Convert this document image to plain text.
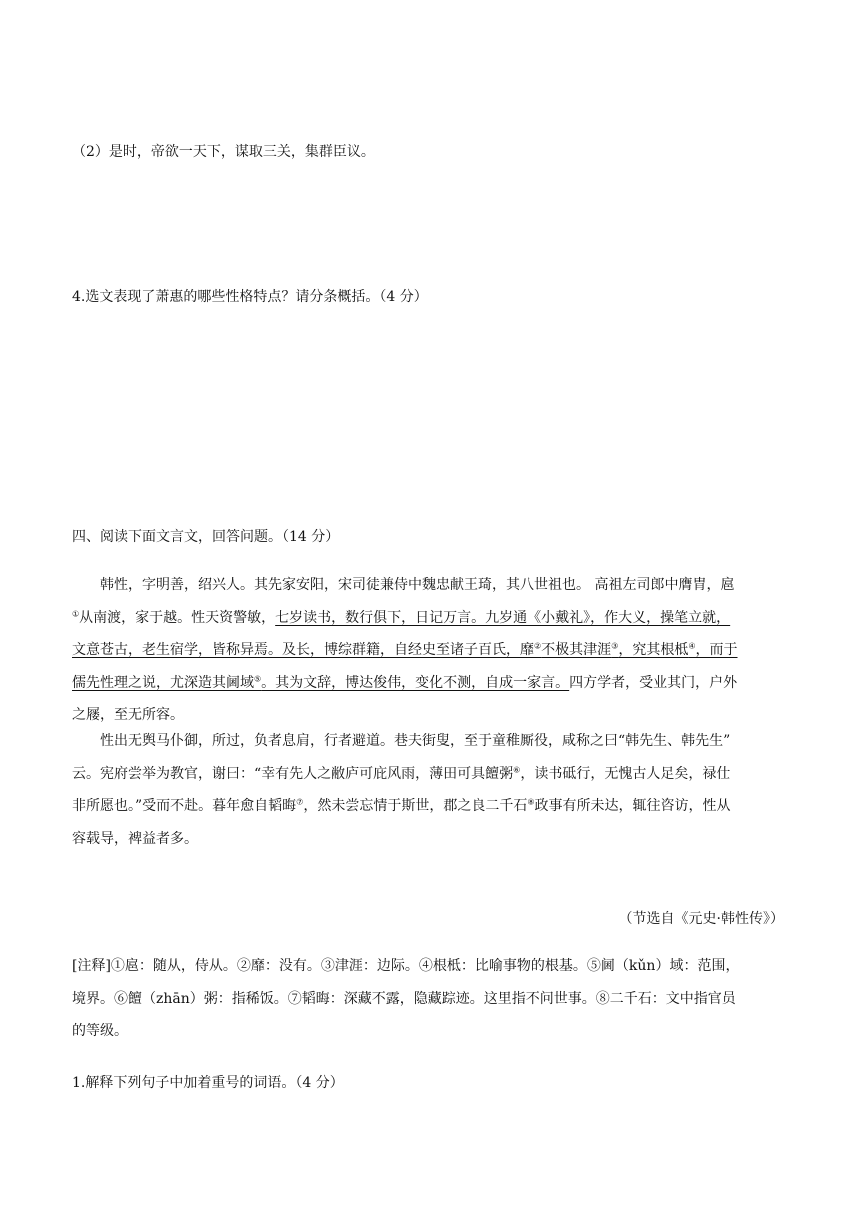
（2）是时，帝欲一天下，谋取三关，集群臣议。
4.选文表现了萧惠的哪些性格特点？请分条概括。（4 分）
四、阅读下面文言文，回答问题。（14 分）
韩性，字明善，绍兴人。其先家安阳，宋司徒兼侍中魏忠献王琦，其八世祖也。 高祖左司郎中膺胄，扈
①从南渡，家于越。性天资警敏，七岁读书，数行俱下，日记万言。九岁通《小戴礼》，作大义，操笔立就，
文意苍古，老生宿学，皆称异焉。及长，博综群籍，自经史至诸子百氏，靡②不极其津涯③，究其根柢④，而于
儒先性理之说，尤深造其阃域⑤。其为文辞，博达俊伟，变化不测，自成一家言。四方学者，受业其门，户外
之屦，至无所容。
性出无舆马仆御，所过，负者息肩，行者避道。巷夫街叟，至于童稚厮役，咸称之曰“韩先生、韩先生”
云。宪府尝举为教官，谢曰：“幸有先人之敝庐可庇风雨，薄田可具饘粥⑥，读书砥行，无愧古人足矣，禄仕
非所愿也。”受而不赴。暮年愈自韬晦⑦，然未尝忘情于斯世，郡之良二千石⑧政事有所未达，辄往咨访，性从
容载导，裨益者多。
（节选自《元史·韩性传》）
[注释]①扈：随从，侍从。②靡：没有。③津涯：边际。④根柢：比喻事物的根基。⑤阃（kǔn）域：范围，
境界。⑥饘（zhān）粥：指稀饭。⑦韬晦：深藏不露，隐藏踪迹。这里指不问世事。⑧二千石：文中指官员
的等级。
1.解释下列句子中加着重号的词语。（4 分）
